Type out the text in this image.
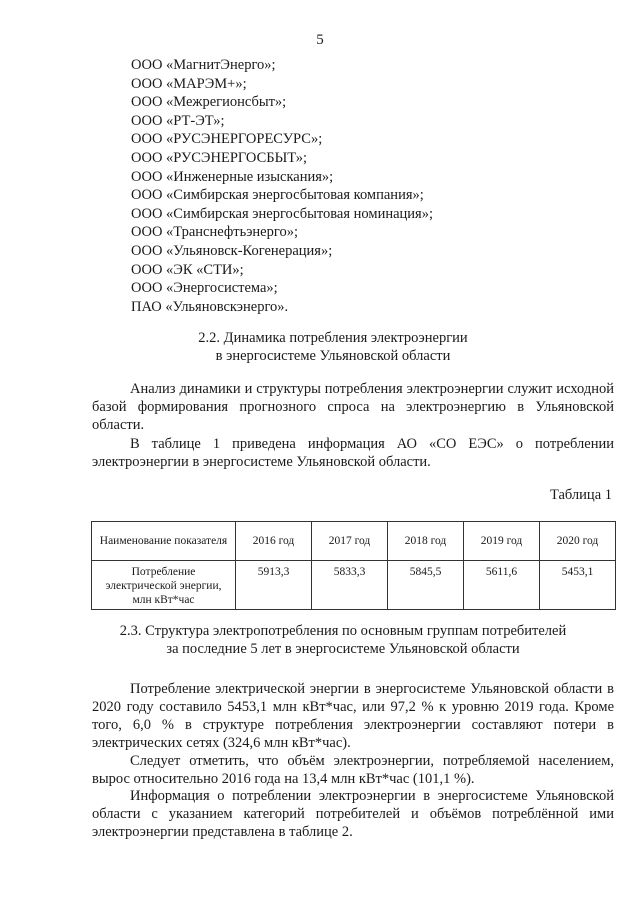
5
ООО «МагнитЭнерго»;
ООО «МАРЭМ+»;
ООО «Межрегионсбыт»;
ООО «РТ-ЭТ»;
ООО «РУСЭНЕРГОРЕСУРС»;
ООО «РУСЭНЕРГОСБЫТ»;
ООО «Инженерные изыскания»;
ООО «Симбирская энергосбытовая компания»;
ООО «Симбирская энергосбытовая номинация»;
ООО «Транснефтьэнерго»;
ООО «Ульяновск-Когенерация»;
ООО «ЭК «СТИ»;
ООО «Энергосистема»;
ПАО «Ульяновскэнерго».
2.2. Динамика потребления электроэнергии
в энергосистеме Ульяновской области

Анализ динамики и структуры потребления электроэнергии служит исходной базой формирования прогнозного спроса на электроэнергию в Ульяновской области.

В таблице 1 приведена информация АО «СО ЕЭС» о потреблении электроэнергии в энергосистеме Ульяновской области.

Таблица 1
Наименование показателя	2016 год	2017 год	2018 год	2019 год	2020 год
Потребление электрической энергии, млн кВт*час	5913,3	5833,3	5845,5	5611,6	5453,1
2.3. Структура электропотребления по основным группам потребителей
за последние 5 лет в энергосистеме Ульяновской области

Потребление электрической энергии в энергосистеме Ульяновской области в 2020 году составило 5453,1 млн кВт*час, или 97,2 % к уровню 2019 года. Кроме того, 6,0 % в структуре потребления электроэнергии составляют потери в электрических сетях (324,6 млн кВт*час).

Следует отметить, что объём электроэнергии, потребляемой населением, вырос относительно 2016 года на 13,4 млн кВт*час (101,1 %).

Информация о потреблении электроэнергии в энергосистеме Ульяновской области с указанием категорий потребителей и объёмов потреблённой ими электроэнергии представлена в таблице 2.
